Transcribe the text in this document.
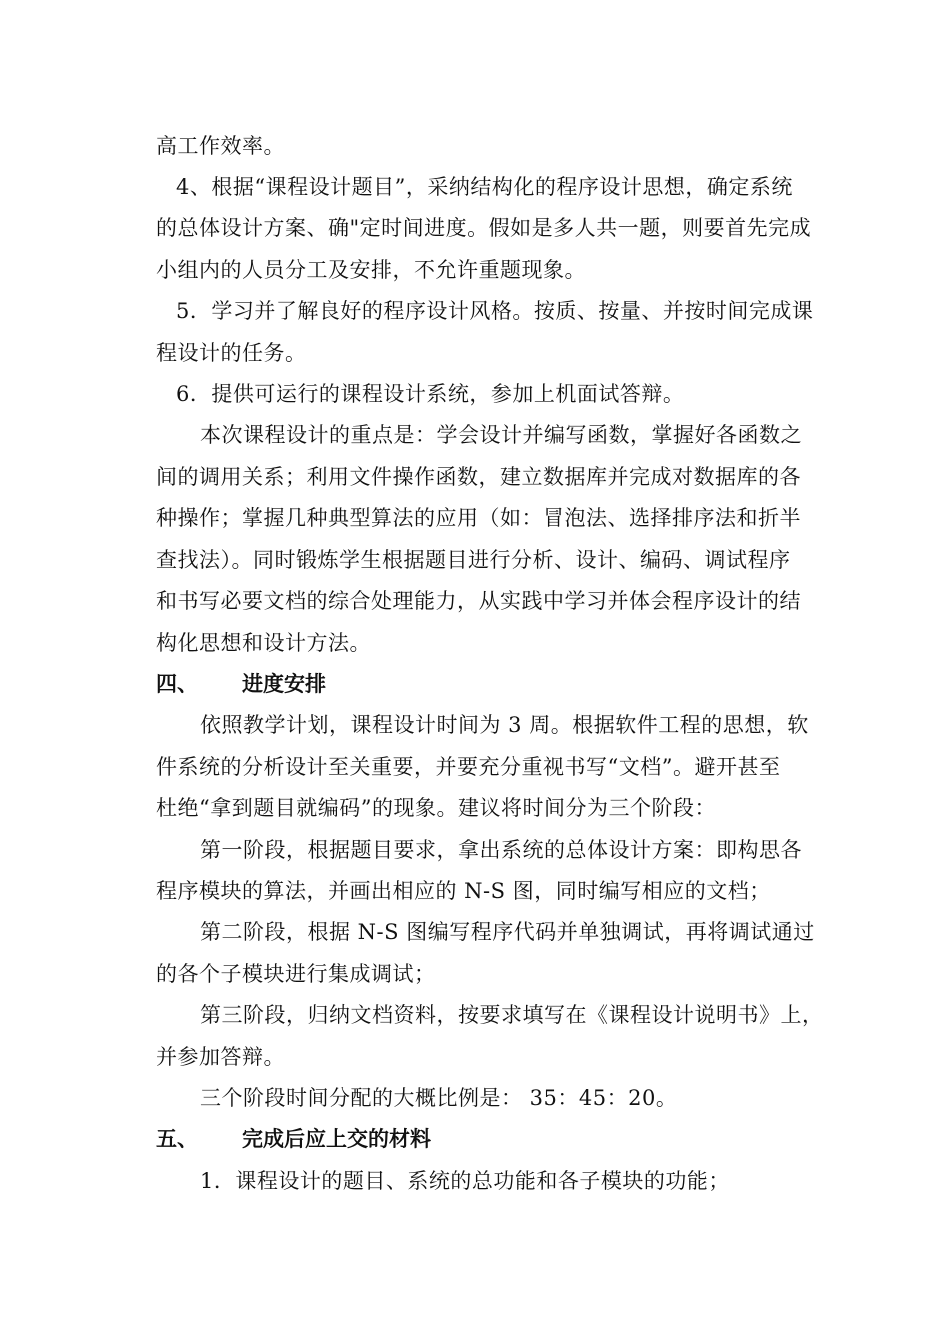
高工作效率。
4、根据“课程设计题目”，采纳结构化的程序设计思想，确定系统
的总体设计方案、确"定时间进度。假如是多人共一题，则要首先完成
小组内的人员分工及安排，不允许重题现象。
5．学习并了解良好的程序设计风格。按质、按量、并按时间完成课
程设计的任务。
6．提供可运行的课程设计系统，参加上机面试答辩。
本次课程设计的重点是：学会设计并编写函数，掌握好各函数之
间的调用关系；利用文件操作函数，建立数据库并完成对数据库的各
种操作；掌握几种典型算法的应用（如：冒泡法、选择排序法和折半
查找法）。同时锻炼学生根据题目进行分析、设计、编码、调试程序
和书写必要文档的综合处理能力，从实践中学习并体会程序设计的结
构化思想和设计方法。
四、 进度安排
依照教学计划，课程设计时间为 3 周。根据软件工程的思想，软
件系统的分析设计至关重要，并要充分重视书写“文档”。避开甚至
杜绝“拿到题目就编码”的现象。建议将时间分为三个阶段：
第一阶段，根据题目要求，拿出系统的总体设计方案：即构思各
程序模块的算法，并画出相应的 N-S 图，同时编写相应的文档；
第二阶段，根据 N-S 图编写程序代码并单独调试，再将调试通过
的各个子模块进行集成调试；
第三阶段，归纳文档资料，按要求填写在《课程设计说明书》上，
并参加答辩。
三个阶段时间分配的大概比例是： 35：45：20。
五、 完成后应上交的材料
1．课程设计的题目、系统的总功能和各子模块的功能；
